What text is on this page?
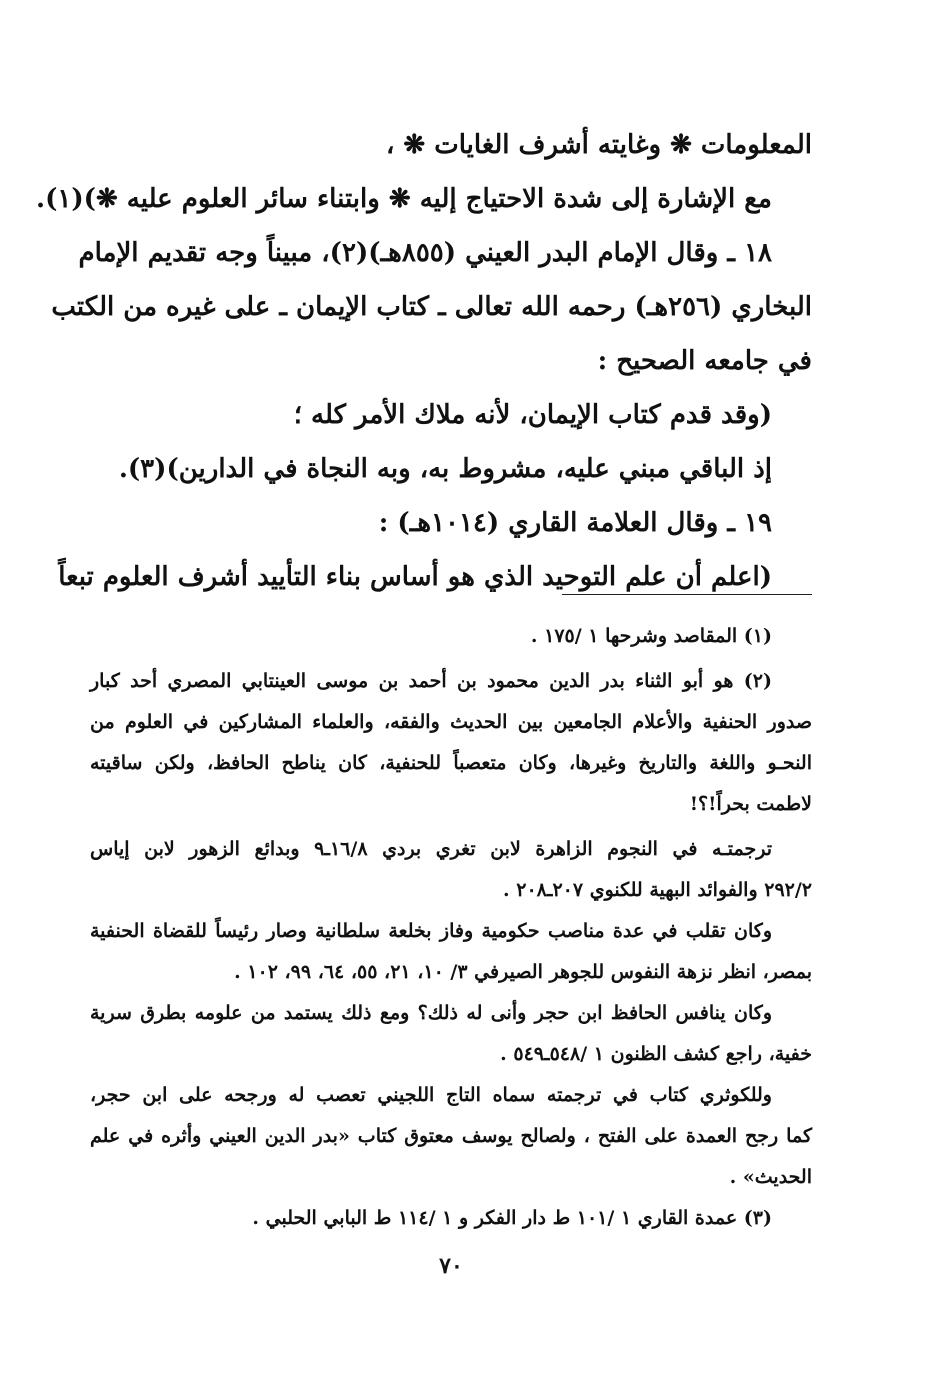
المعلومات ❋ وغايته أشرف الغايات ❋ ،

مع الإشارة إلى شدة الاحتياج إليه ❋ وابتناء سائر العلوم عليه ❋)(١).

١٨ ـ وقال الإمام البدر العيني (٨٥٥هـ)(٢)، مبيناً وجه تقديم الإمام

البخاري (٢٥٦هـ) رحمه الله تعالى ـ كتاب الإيمان ـ على غيره من الكتب

في جامعه الصحيح :

(وقد قدم كتاب الإيمان، لأنه ملاك الأمر كله ؛

إذ الباقي مبني عليه، مشروط به، وبه النجاة في الدارين)(٣).

١٩ ـ وقال العلامة القاري (١٠١٤هـ) :

(اعلم أن علم التوحيد الذي هو أساس بناء التأييد أشرف العلوم تبعاً

(١) المقاصد وشرحها ١ /١٧٥ .

(٢) هو أبو الثناء بدر الدين محمود بن أحمد بن موسى العينتابي المصري أحد كبار

صدور الحنفية والأعلام الجامعين بين الحديث والفقه، والعلماء المشاركين في العلوم من

النحـو واللغة والتاريخ وغيرها، وكان متعصباً للحنفية، كان يناطح الحافظ، ولكن ساقيته

لاطمت بحراً!؟!

ترجمتـه في النجوم الزاهرة لابن تغري بردي ١٦/٨ـ٩ وبدائع الزهور لابن إياس

٢٩٢/٢ والفوائد البهية للكنوي ٢٠٧ـ٢٠٨ .

وكان تقلب في عدة مناصب حكومية وفاز بخلعة سلطانية وصار رئيساً للقضاة الحنفية

بمصر، انظر نزهة النفوس للجوهر الصيرفي ٣/ ١٠، ٢١، ٥٥، ٦٤، ٩٩، ١٠٢ .

وكان ينافس الحافظ ابن حجر وأنى له ذلك؟ ومع ذلك يستمد من علومه بطرق سرية

خفية، راجع كشف الظنون ١ /٥٤٨ـ٥٤٩ .

وللكوثري كتاب في ترجمته سماه التاج اللجيني تعصب له ورجحه على ابن حجر،

كما رجح العمدة على الفتح ، ولصالح يوسف معتوق كتاب «بدر الدين العيني وأثره في علم

الحديث» .

(٣) عمدة القاري ١ /١٠١ ط دار الفكر و ١ /١١٤ ط البابي الحلبي .

٧٠
